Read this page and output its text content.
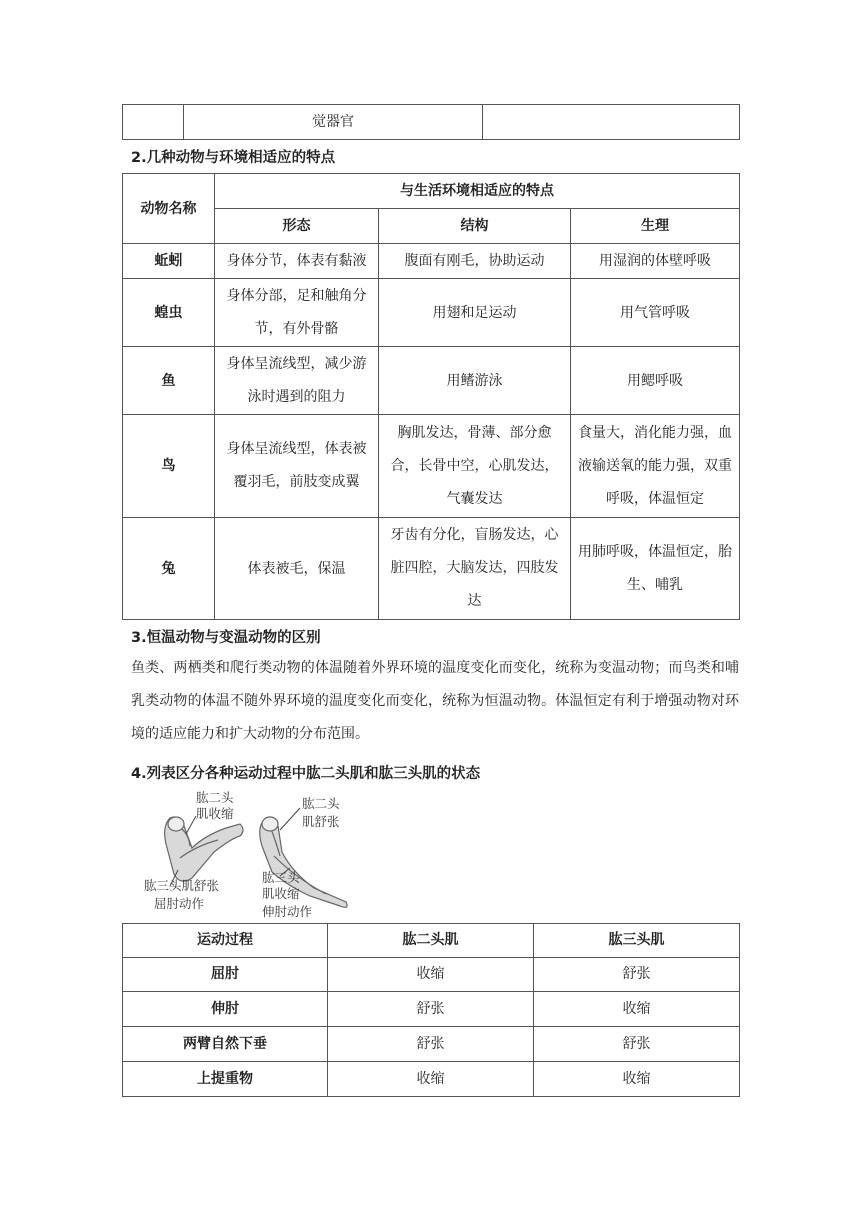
	觉器官	
2.几种动物与环境相适应的特点
动物名称	与生活环境相适应的特点		
	形态	结构	生理
蚯蚓	身体分节，体表有黏液	腹面有刚毛，协助运动	用湿润的体壁呼吸
蝗虫	身体分部，足和触角分节，有外骨骼	用翅和足运动	用气管呼吸
鱼	身体呈流线型，减少游泳时遇到的阻力	用鳍游泳	用鳃呼吸
鸟	身体呈流线型，体表被覆羽毛，前肢变成翼	胸肌发达，骨薄、部分愈合，长骨中空，心肌发达，气囊发达	食量大，消化能力强，血液输送氧的能力强，双重呼吸，体温恒定
兔	体表被毛，保温	牙齿有分化，盲肠发达，心脏四腔，大脑发达，四肢发达	用肺呼吸，体温恒定，胎生、哺乳
3.恒温动物与变温动物的区别
鱼类、两栖类和爬行类动物的体温随着外界环境的温度变化而变化，统称为变温动物；而鸟类和哺乳类动物的体温不随外界环境的温度变化而变化，统称为恒温动物。体温恒定有利于增强动物对环境的适应能力和扩大动物的分布范围。
4.列表区分各种运动过程中肱二头肌和肱三头肌的状态
肱二头
肌收缩
肱三头肌舒张
屈肘动作
肱二头
肌舒张
肱三头
肌收缩
伸肘动作
运动过程	肱二头肌	肱三头肌
屈肘	收缩	舒张
伸肘	舒张	收缩
两臂自然下垂	舒张	舒张
上提重物	收缩	收缩
